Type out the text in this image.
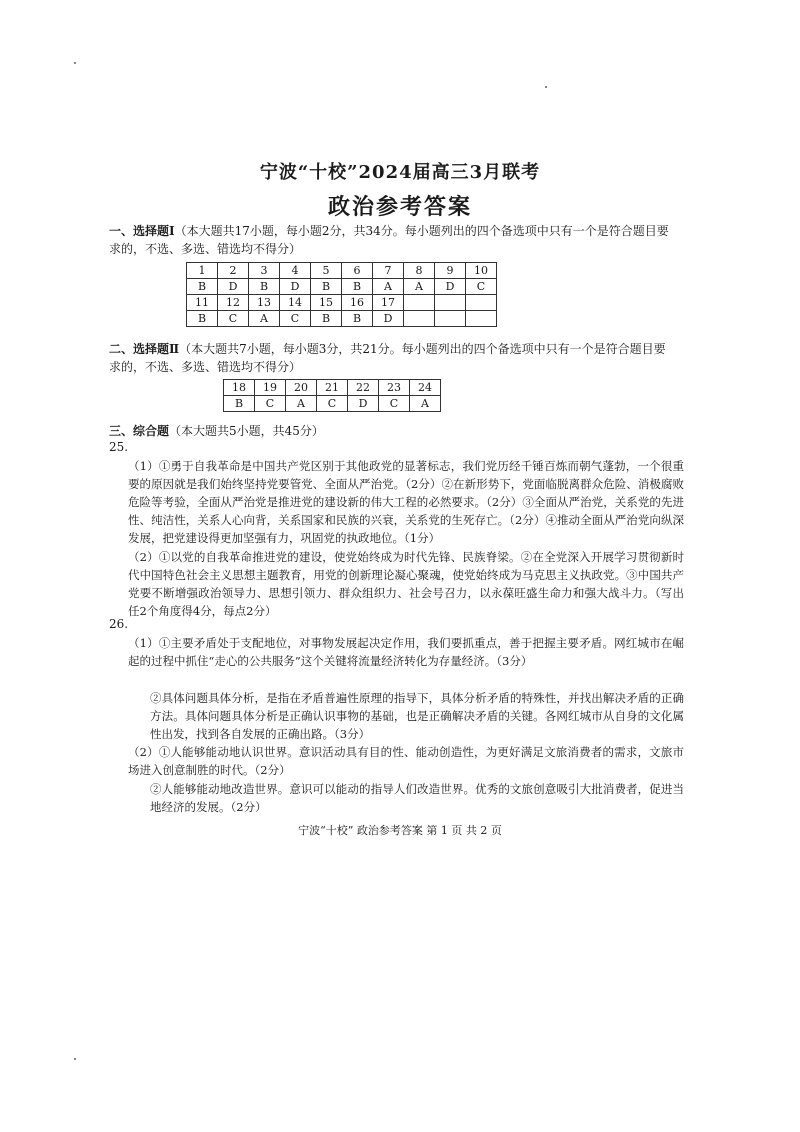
宁波“十校”2024届高三3月联考
政治参考答案
一、选择题Ⅰ（本大题共17小题，每小题2分，共34分。每小题列出的四个备选项中只有一个是符合题目要求的，不选、多选、错选均不得分）
1	2	3	4	5	6	7	8	9	10
B	D	B	D	B	B	A	A	D	C
11	12	13	14	15	16	17			
B	C	A	C	B	B	D			
二、选择题Ⅱ（本大题共7小题，每小题3分，共21分。每小题列出的四个备选项中只有一个是符合题目要求的，不选、多选、错选均不得分）
18	19	20	21	22	23	24
B	C	A	C	D	C	A
三、综合题（本大题共5小题，共45分）
25.
（1）①勇于自我革命是中国共产党区别于其他政党的显著标志，我们党历经千锤百炼而朝气蓬勃，一个很重要的原因就是我们始终坚持党要管党、全面从严治党。（2分）②在新形势下，党面临脱离群众危险、消极腐败危险等考验，全面从严治党是推进党的建设新的伟大工程的必然要求。（2分）③全面从严治党，关系党的先进性、纯洁性，关系人心向背，关系国家和民族的兴衰，关系党的生死存亡。（2分）④推动全面从严治党向纵深发展，把党建设得更加坚强有力，巩固党的执政地位。（1分）
（2）①以党的自我革命推进党的建设，使党始终成为时代先锋、民族脊梁。②在全党深入开展学习贯彻新时代中国特色社会主义思想主题教育，用党的创新理论凝心聚魂，使党始终成为马克思主义执政党。③中国共产党要不断增强政治领导力、思想引领力、群众组织力、社会号召力，以永葆旺盛生命力和强大战斗力。（写出任2个角度得4分，每点2分）
26.
（1）①主要矛盾处于支配地位，对事物发展起决定作用，我们要抓重点，善于把握主要矛盾。网红城市在崛起的过程中抓住“走心的公共服务”这个关键将流量经济转化为存量经济。（3分）
②具体问题具体分析，是指在矛盾普遍性原理的指导下，具体分析矛盾的特殊性，并找出解决矛盾的正确方法。具体问题具体分析是正确认识事物的基础，也是正确解决矛盾的关键。各网红城市从自身的文化属性出发，找到各自发展的正确出路。（3分）
（2）①人能够能动地认识世界。意识活动具有目的性、能动创造性，为更好满足文旅消费者的需求，文旅市场进入创意制胜的时代。（2分）
②人能够能动地改造世界。意识可以能动的指导人们改造世界。优秀的文旅创意吸引大批消费者，促进当地经济的发展。（2分）
宁波“十校” 政治参考答案 第 1 页 共 2 页
